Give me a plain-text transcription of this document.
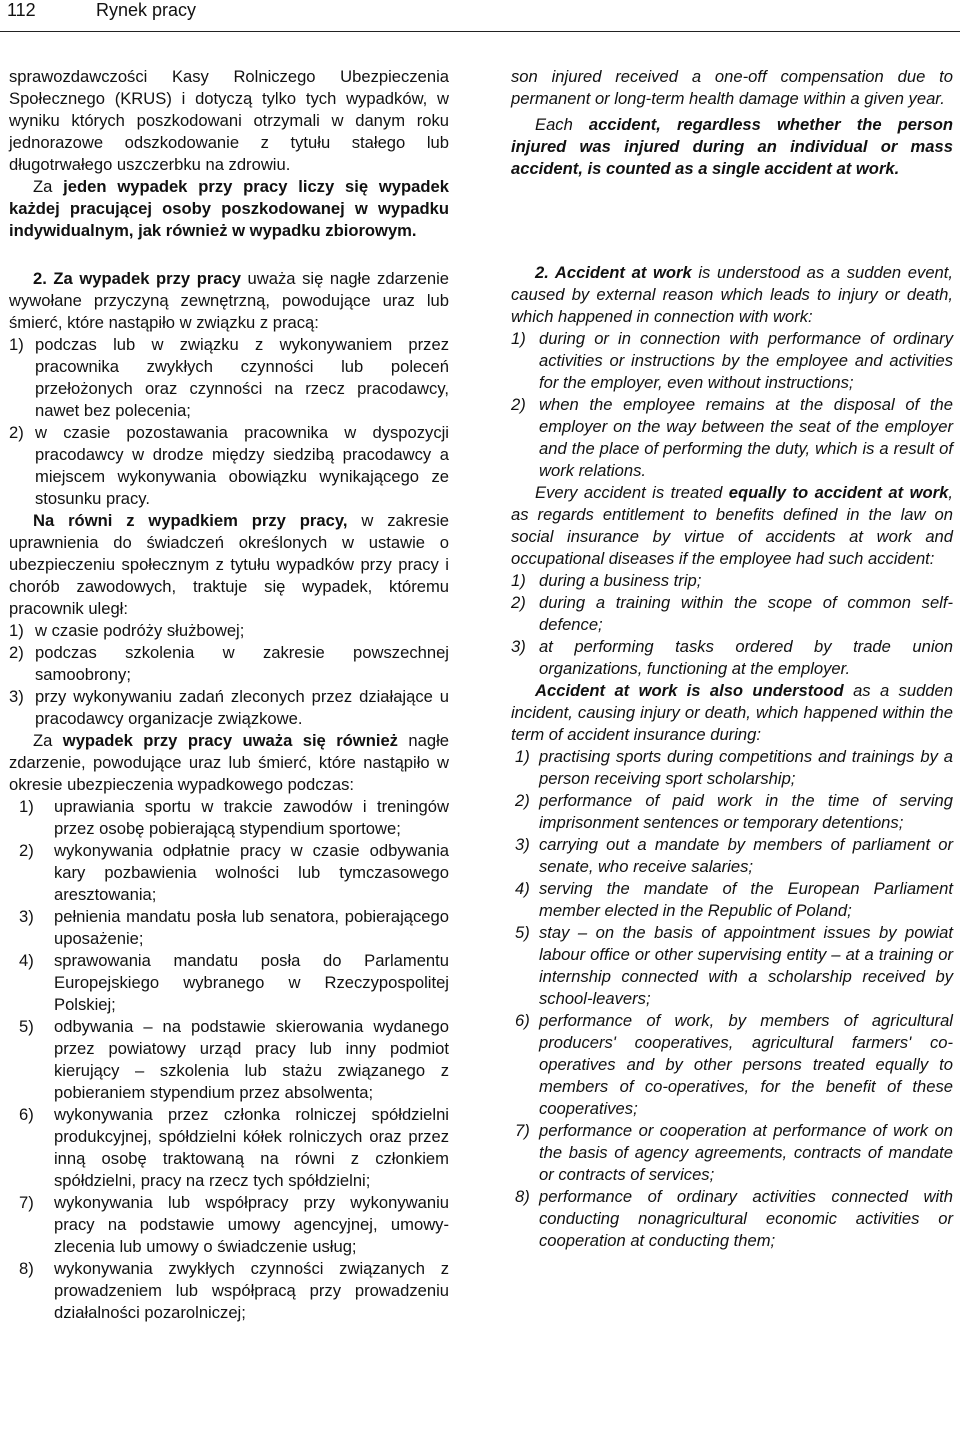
112	Rynek pracy

sprawozdawczości Kasy Rolniczego Ubezpieczenia Społecznego (KRUS) i dotyczą tylko tych wypadków, w wyniku których poszkodowani otrzymali w danym roku jednorazowe odszkodowanie z tytułu stałego lub długotrwałego uszczerbku na zdrowiu.

Za jeden wypadek przy pracy liczy się wypadek każdej pracującej osoby poszkodowanej w wypadku indywidualnym, jak również w wypadku zbiorowym.

2. Za wypadek przy pracy uważa się nagłe zdarzenie wywołane przyczyną zewnętrzną, powodujące uraz lub śmierć, które nastąpiło w związku z pracą:

1) podczas lub w związku z wykonywaniem przez pracownika zwykłych czynności lub poleceń przełożonych oraz czynności na rzecz pracodawcy, nawet bez polecenia;
2) w czasie pozostawania pracownika w dyspozycji pracodawcy w drodze między siedzibą pracodawcy a miejscem wykonywania obowiązku wynikającego ze stosunku pracy.

Na równi z wypadkiem przy pracy, w zakresie uprawnienia do świadczeń określonych w ustawie o ubezpieczeniu społecznym z tytułu wypadków przy pracy i chorób zawodowych, traktuje się wypadek, któremu pracownik uległ:

1) w czasie podróży służbowej;
2) podczas szkolenia w zakresie powszechnej samoobrony;
3) przy wykonywaniu zadań zleconych przez działające u pracodawcy organizacje związkowe.

Za wypadek przy pracy uważa się również nagłe zdarzenie, powodujące uraz lub śmierć, które nastąpiło w okresie ubezpieczenia wypadkowego podczas:

1)	uprawiania sportu w trakcie zawodów i treningów przez osobę pobierającą stypendium sportowe;
2)	wykonywania odpłatnie pracy w czasie odbywania kary pozbawienia wolności lub tymczasowego aresztowania;
3)	pełnienia mandatu posła lub senatora, pobierającego uposażenie;
4)	sprawowania mandatu posła do Parlamentu Europejskiego wybranego w Rzeczypospolitej Polskiej;
5)	odbywania – na podstawie skierowania wydanego przez powiatowy urząd pracy lub inny podmiot kierujący – szkolenia lub stażu związanego z pobieraniem stypendium przez absolwenta;
6)	wykonywania przez członka rolniczej spółdzielni produkcyjnej, spółdzielni kółek rolniczych oraz przez inną osobę traktowaną na równi z członkiem spółdzielni, pracy na rzecz tych spółdzielni;
7)	wykonywania lub współpracy przy wykonywaniu pracy na podstawie umowy agencyjnej, umowy-zlecenia lub umowy o świadczenie usług;
8)	wykonywania zwykłych czynności związanych z prowadzeniem lub współpracą przy prowadzeniu działalności pozarolniczej;

son injured received a one-off compensation due to permanent or long-term health damage within a given year.

Each accident, regardless whether the person injured was injured during an individual or mass accident, is counted as a single accident at work.

2. Accident at work is understood as a sudden event, caused by external reason which leads to injury or death, which happened in connection with work:

1) during or in connection with performance of ordinary activities or instructions by the employee and activities for the employer, even without instructions;
2) when the employee remains at the disposal of the employer on the way between the seat of the employer and the place of performing the duty, which is a result of work relations.

Every accident is treated equally to accident at work, as regards entitlement to benefits defined in the law on social insurance by virtue of accidents at work and occupational diseases if the employee had such accident:

1) during a business trip;
2) during a training within the scope of common self-defence;
3) at performing tasks ordered by trade union organizations, functioning at the employer.

Accident at work is also understood as a sudden incident, causing injury or death, which happened within the term of accident insurance during:

1) practising sports during competitions and trainings by a person receiving sport scholarship;
2) performance of paid work in the time of serving imprisonment sentences or temporary detentions;
3) carrying out a mandate by members of parliament or senate, who receive salaries;
4) serving the mandate of the European Parliament member elected in the Republic of Poland;
5) stay – on the basis of appointment issues by powiat labour office or other supervising entity – at a training or internship connected with a scholarship received by school-leavers;
6) performance of work, by members of agricultural producers' cooperatives, agricultural farmers' co-operatives and by other persons treated equally to members of co-operatives, for the benefit of these cooperatives;
7) performance or cooperation at performance of work on the basis of agency agreements, contracts of mandate or contracts of services;
8) performance of ordinary activities connected with conducting nonagricultural economic activities or cooperation at conducting them;
